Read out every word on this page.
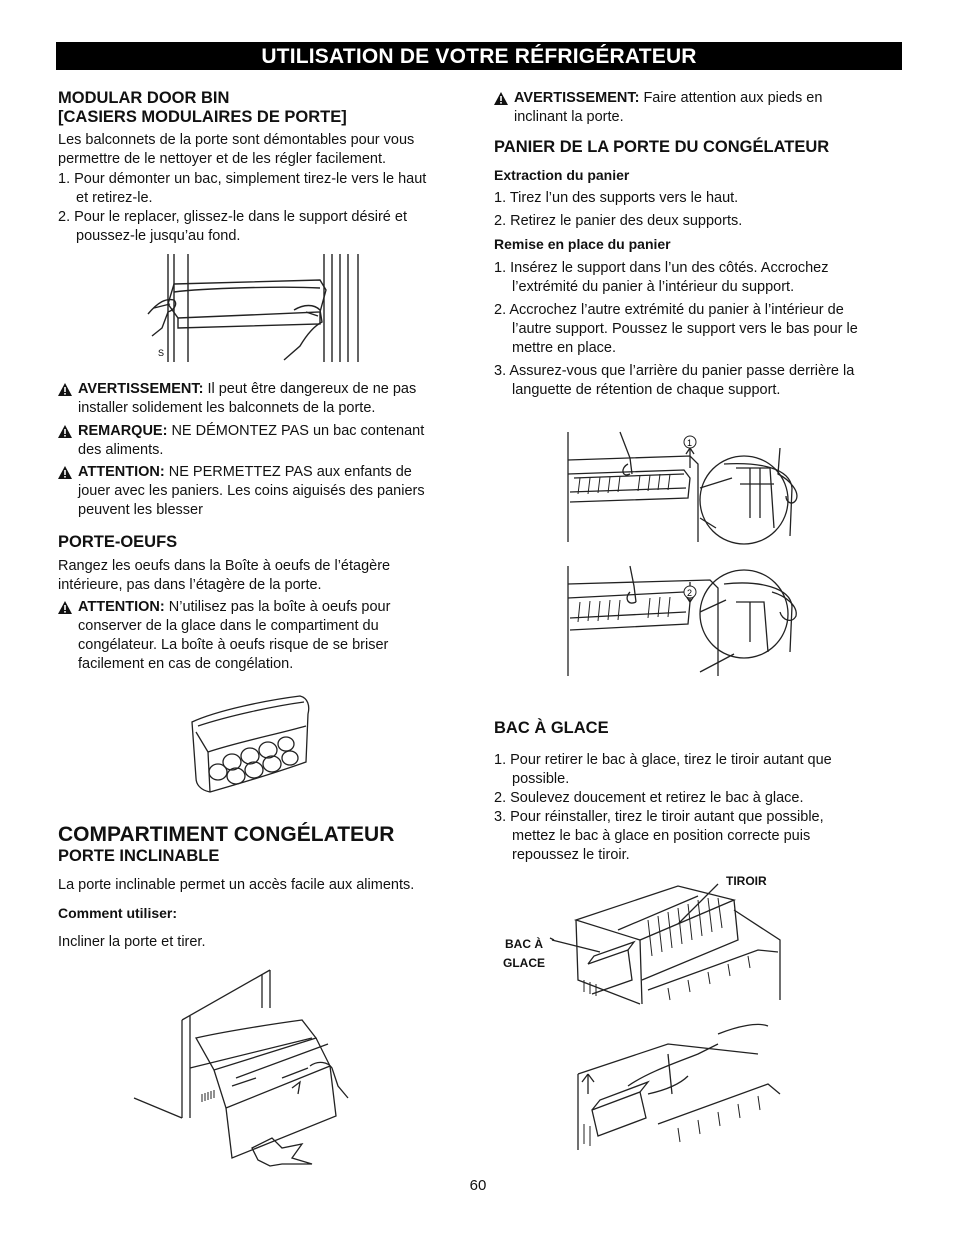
UTILISATION DE VOTRE RÉFRIGÉRATEUR
MODULAR DOOR BIN
[CASIERS MODULAIRES DE PORTE]
Les balconnets de la porte sont démontables pour vous
permettre de le nettoyer et de les régler facilement.
1. Pour démonter un bac, simplement tirez-le vers le haut
et retirez-le.
2. Pour le replacer, glissez-le dans le support désiré et
poussez-le jusqu’au fond.
S
AVERTISSEMENT: Il peut être dangereux de ne pas
installer solidement les balconnets de la porte.
REMARQUE: NE DÉMONTEZ PAS un bac contenant
des aliments.
ATTENTION: NE PERMETTEZ PAS aux enfants de
jouer avec les paniers. Les coins aiguisés des paniers
peuvent les blesser
PORTE-OEUFS
Rangez les oeufs dans la Boîte à oeufs de l’étagère
intérieure, pas dans l’étagère de la porte.
ATTENTION: N’utilisez pas la boîte à oeufs pour
conserver de la glace dans le compartiment du
congélateur. La boîte à oeufs risque de se briser
facilement en cas de congélation.
COMPARTIMENT CONGÉLATEUR
PORTE INCLINABLE
La porte inclinable permet un accès facile aux aliments.
Comment utiliser:
Incliner la porte et tirer.
AVERTISSEMENT: Faire attention aux pieds en
inclinant la porte.
PANIER DE LA PORTE DU CONGÉLATEUR
Extraction du panier
1. Tirez l’un des supports vers le haut.
2. Retirez le panier des deux supports.
Remise en place du panier
1. Insérez le support dans l’un des côtés. Accrochez
l’extrémité du panier à l’intérieur du support.
2. Accrochez l’autre extrémité du panier à l’intérieur de
l’autre support. Poussez le support vers le bas pour le
mettre en place.
3. Assurez-vous que l’arrière du panier passe derrière la
languette de rétention de chaque support.
1
2
BAC À GLACE
1. Pour retirer le bac à glace, tirez le tiroir autant que
possible.
2. Soulevez doucement et retirez le bac à glace.
3. Pour réinstaller, tirez le tiroir autant que possible,
mettez le bac à glace en position correcte puis
repoussez le tiroir.
TIROIR
BAC À
GLACE
60
